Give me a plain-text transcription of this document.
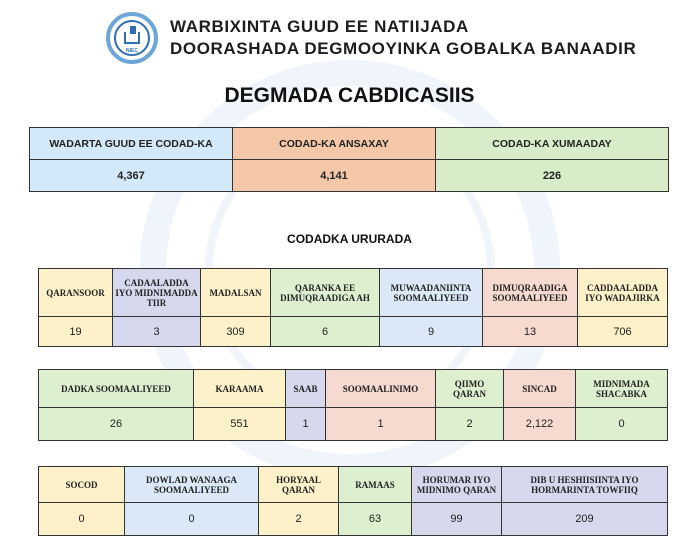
NIEC
WARBIXINTA GUUD EE NATIIJADA
DOORASHADA DEGMOOYINKA GOBALKA BANAADIR
DEGMADA CABDICASIIS
WADARTA GUUD EE CODAD-KA	CODAD-KA ANSAXAY	CODAD-KA XUMAADAY
4,367	4,141	226
CODADKA URURADA
QARANSOOR	CADAALADDA IYO MIDNIMADDA TIIR	MADALSAN	QARANKA EE DIMUQRAADIGA AH	MUWAADANIINTA SOOMAALIYEED	DIMUQRAADIGA SOOMAALIYEED	CADDAALADDA IYO WADAJIRKA
19	3	309	6	9	13	706
DADKA SOOMAALIYEED	KARAAMA	SAAB	SOOMAALINIMO	QIIMO QARAN	SINCAD	MIDNIMADA SHACABKA
26	551	1	1	2	2,122	0
SOCOD	DOWLAD WANAAGA SOOMAALIYEED	HORYAAL QARAN	RAMAAS	HORUMAR IYO MIDNIMO QARAN	DIB U HESHIISIINTA IYO HORMARINTA TOWFIIQ
0	0	2	63	99	209
